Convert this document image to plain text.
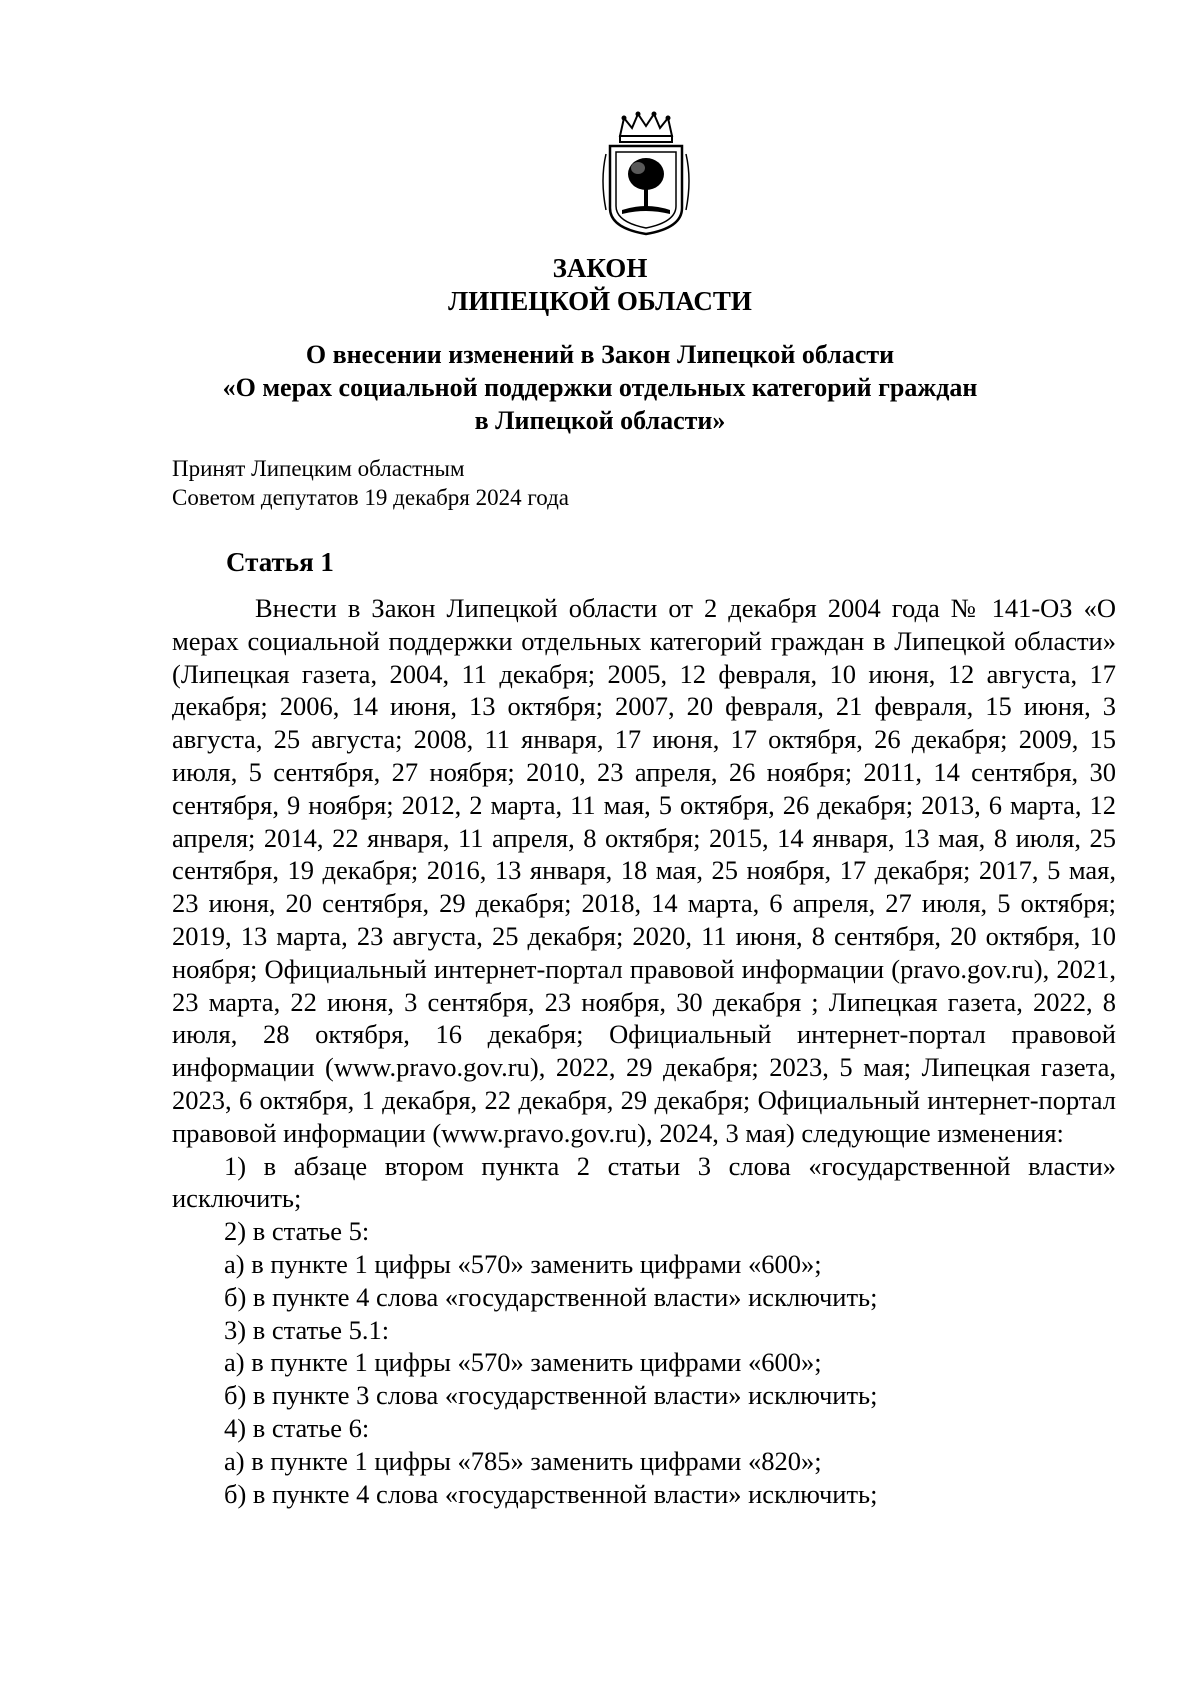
ЗАКОН
ЛИПЕЦКОЙ ОБЛАСТИ
О внесении изменений в Закон Липецкой области
«О мерах социальной поддержки отдельных категорий граждан
в Липецкой области»
Принят Липецким областным
Советом депутатов 19 декабря 2024 года
Статья 1

Внести в Закон Липецкой области от 2 декабря 2004 года № 141-ОЗ «О мерах социальной поддержки отдельных категорий граждан в Липецкой области» (Липецкая газета, 2004, 11 декабря; 2005, 12 февраля, 10 июня, 12 августа, 17 декабря; 2006, 14 июня, 13 октября; 2007, 20 февраля, 21 февраля, 15 июня, 3 августа, 25 августа; 2008, 11 января, 17 июня, 17 октября, 26 декабря; 2009, 15 июля, 5 сентября, 27 ноября; 2010, 23 апреля, 26 ноября; 2011, 14 сентября, 30 сентября, 9 ноября; 2012, 2 марта, 11 мая, 5 октября, 26 декабря; 2013, 6 марта, 12 апреля; 2014, 22 января, 11 апреля, 8 октября; 2015, 14 января, 13 мая, 8 июля, 25 сентября, 19 декабря; 2016, 13 января, 18 мая, 25 ноября, 17 декабря; 2017, 5 мая, 23 июня, 20 сентября, 29 декабря; 2018, 14 марта, 6 апреля, 27 июля, 5 октября; 2019, 13 марта, 23 августа, 25 декабря; 2020, 11 июня, 8 сентября, 20 октября, 10 ноября; Официальный интернет-портал правовой информации (pravo.gov.ru), 2021, 23 марта, 22 июня, 3 сентября, 23 ноября, 30 декабря ; Липецкая газета, 2022, 8 июля, 28 октября, 16 декабря; Официальный интернет-портал правовой информации (www.pravo.gov.ru), 2022, 29 декабря; 2023, 5 мая; Липецкая газета, 2023, 6 октября, 1 декабря, 22 декабря, 29 декабря; Официальный интернет-портал правовой информации (www.pravo.gov.ru), 2024, 3 мая) следующие изменения:

1) в абзаце втором пункта 2 статьи 3 слова «государственной власти» исключить;

2) в статье 5:

а) в пункте 1 цифры «570» заменить цифрами «600»;

б) в пункте 4 слова «государственной власти» исключить;

3) в статье 5.1:

а) в пункте 1 цифры «570» заменить цифрами «600»;

б) в пункте 3 слова «государственной власти» исключить;

4) в статье 6:

а) в пункте 1 цифры «785» заменить цифрами «820»;

б) в пункте 4 слова «государственной власти» исключить;
